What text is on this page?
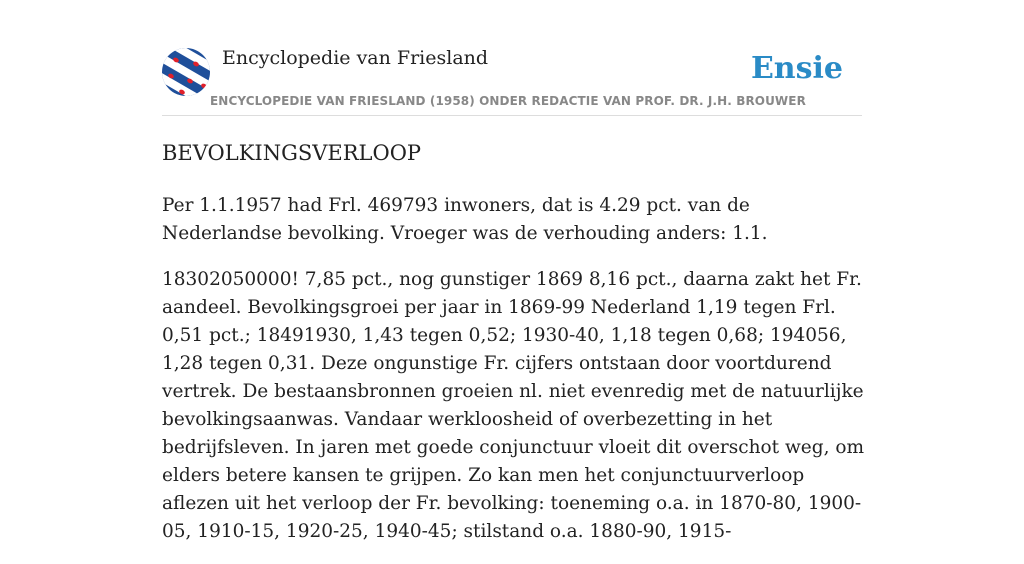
Encyclopedie van Friesland
ENCYCLOPEDIE VAN FRIESLAND (1958) ONDER REDACTIE VAN PROF. DR. J.H. BROUWER
Ensie
BEVOLKINGSVERLOOP

Per 1.1.1957 had Frl. 469793 inwoners, dat is 4.29 pct. van de Nederlandse bevolking. Vroeger was de verhouding anders: 1.1.

18302050000! 7,85 pct., nog gunstiger 1869 8,16 pct., daarna zakt het Fr. aandeel. Bevolkingsgroei per jaar in 1869-99 Nederland 1,19 tegen Frl. 0,51 pct.; 18491930, 1,43 tegen 0,52; 1930-40, 1,18 tegen 0,68; 194056, 1,28 tegen 0,31. Deze ongunstige Fr. cijfers ontstaan door voortdurend vertrek. De bestaansbronnen groeien nl. niet evenredig met de natuurlijke bevolkingsaanwas. Vandaar werkloosheid of overbezetting in het bedrijfsleven. In jaren met goede conjunctuur vloeit dit overschot weg, om elders betere kansen te grijpen. Zo kan men het conjunctuurverloop aflezen uit het verloop der Fr. bevolking: toeneming o.a. in 1870-80, 1900-05, 1910-15, 1920-25, 1940-45; stilstand o.a. 1880-90, 1915-
